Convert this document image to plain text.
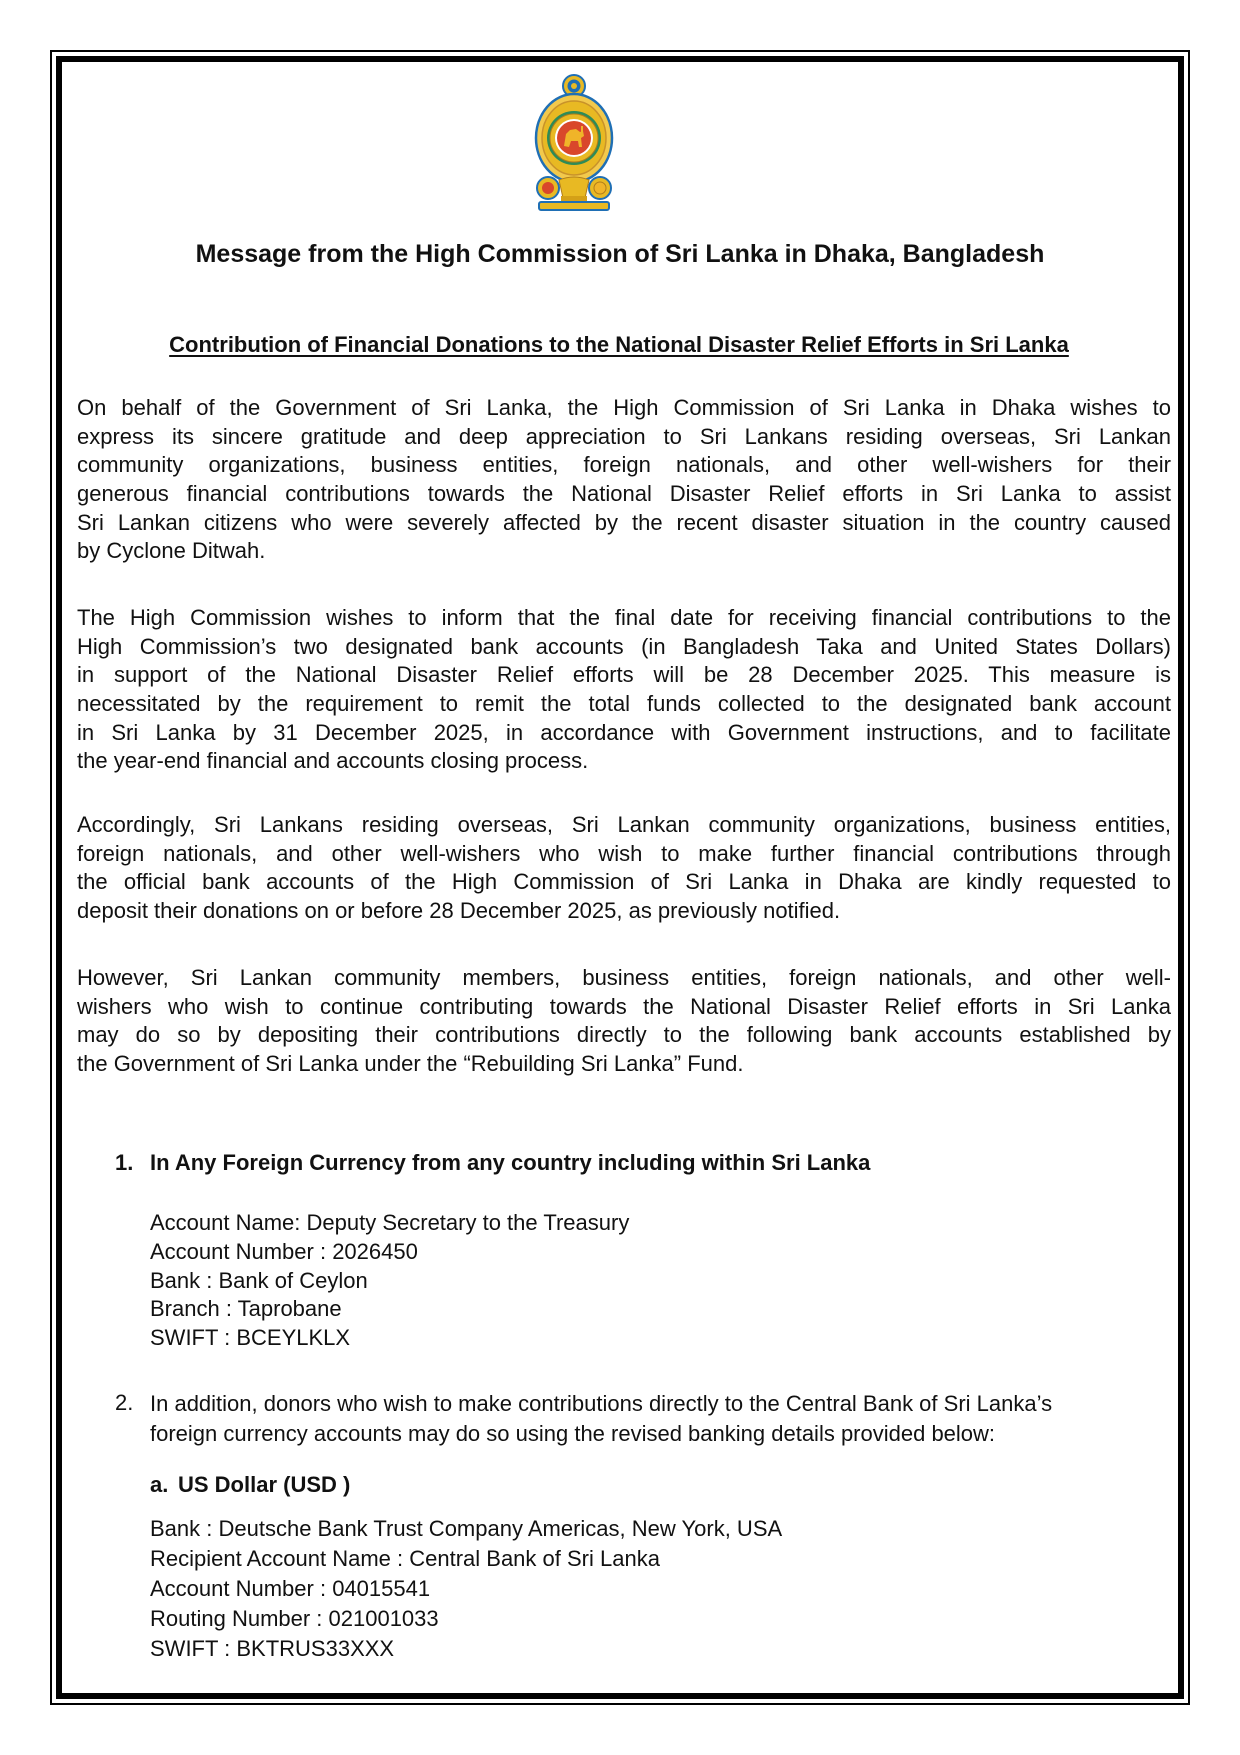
Message from the High Commission of Sri Lanka in Dhaka, Bangladesh
Contribution of Financial Donations to the National Disaster Relief Efforts in Sri Lanka
On behalf of the Government of Sri Lanka, the High Commission of Sri Lanka in Dhaka wishes to
express its sincere gratitude and deep appreciation to Sri Lankans residing overseas, Sri Lankan
community organizations, business entities, foreign nationals, and other well-wishers for their
generous financial contributions towards the National Disaster Relief efforts in Sri Lanka to assist
Sri Lankan citizens who were severely affected by the recent disaster situation in the country caused
by Cyclone Ditwah.
The High Commission wishes to inform that the final date for receiving financial contributions to the
High Commission’s two designated bank accounts (in Bangladesh Taka and United States Dollars)
in support of the National Disaster Relief efforts will be 28 December 2025. This measure is
necessitated by the requirement to remit the total funds collected to the designated bank account
in Sri Lanka by 31 December 2025, in accordance with Government instructions, and to facilitate
the year-end financial and accounts closing process.
Accordingly, Sri Lankans residing overseas, Sri Lankan community organizations, business entities,
foreign nationals, and other well-wishers who wish to make further financial contributions through
the official bank accounts of the High Commission of Sri Lanka in Dhaka are kindly requested to
deposit their donations on or before 28 December 2025, as previously notified.
However, Sri Lankan community members, business entities, foreign nationals, and other well-
wishers who wish to continue contributing towards the National Disaster Relief efforts in Sri Lanka
may do so by depositing their contributions directly to the following bank accounts established by
the Government of Sri Lanka under the “Rebuilding Sri Lanka” Fund.
1. In Any Foreign Currency from any country including within Sri Lanka
Account Name: Deputy Secretary to the Treasury
Account Number : 2026450
Bank : Bank of Ceylon
Branch : Taprobane
SWIFT : BCEYLKLX
2. In addition, donors who wish to make contributions directly to the Central Bank of Sri Lanka’s
foreign currency accounts may do so using the revised banking details provided below:
a. US Dollar (USD )
Bank : Deutsche Bank Trust Company Americas, New York, USA
Recipient Account Name : Central Bank of Sri Lanka
Account Number : 04015541
Routing Number : 021001033
SWIFT : BKTRUS33XXX
